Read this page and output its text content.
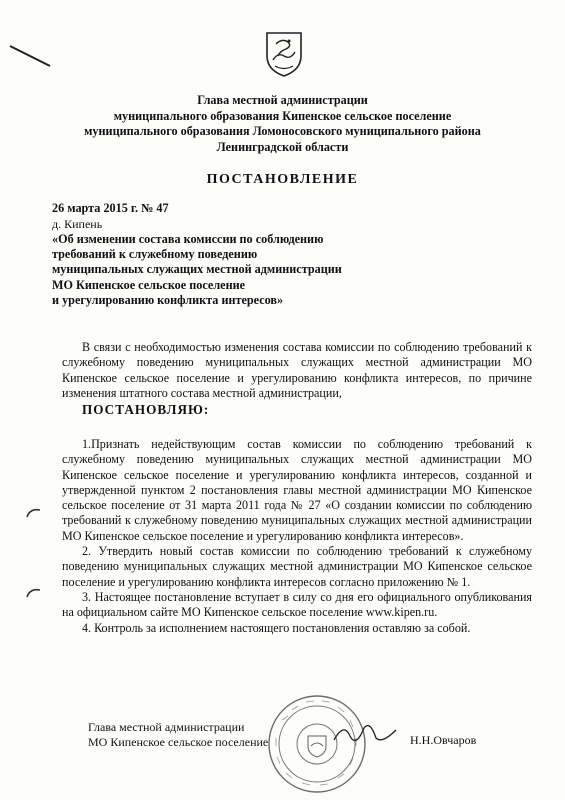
Глава местной администрации
муниципального образования Кипенское сельское поселение
муниципального образования Ломоносовского муниципального района
Ленинградской области
ПОСТАНОВЛЕНИЕ
26 марта 2015 г. № 47
д. Кипень
«Об изменении состава комиссии по соблюдению
требований к служебному поведению
муниципальных служащих местной администрации
МО Кипенское сельское поселение
и урегулированию конфликта интересов»
В связи с необходимостью изменения состава комиссии по соблюдению требований к служебному поведению муниципальных служащих местной администрации МО Кипенское сельское поселение и урегулированию конфликта интересов, по причине изменения штатного состава местной администрации,
ПОСТАНОВЛЯЮ:

1.Признать недействующим состав комиссии по соблюдению требований к служебному поведению муниципальных служащих местной администрации МО Кипенское сельское поселение и урегулированию конфликта интересов, созданной и утвержденной пунктом 2 постановления главы местной администрации МО Кипенское сельское поселение от 31 марта 2011 года № 27 «О создании комиссии по соблюдению требований к служебному поведению муниципальных служащих местной администрации МО Кипенское сельское поселение и урегулированию конфликта интересов».

2. Утвердить новый состав комиссии по соблюдению требований к служебному поведению муниципальных служащих местной администрации МО Кипенское сельское поселение и урегулированию конфликта интересов согласно приложению № 1.

3. Настоящее постановление вступает в силу со дня его официального опубликования на официальном сайте МО Кипенское сельское поселение www.kipen.ru.

4. Контроль за исполнением настоящего постановления оставляю за собой.

Глава местной администрации
МО Кипенское сельское поселение	Н.Н.Овчаров
